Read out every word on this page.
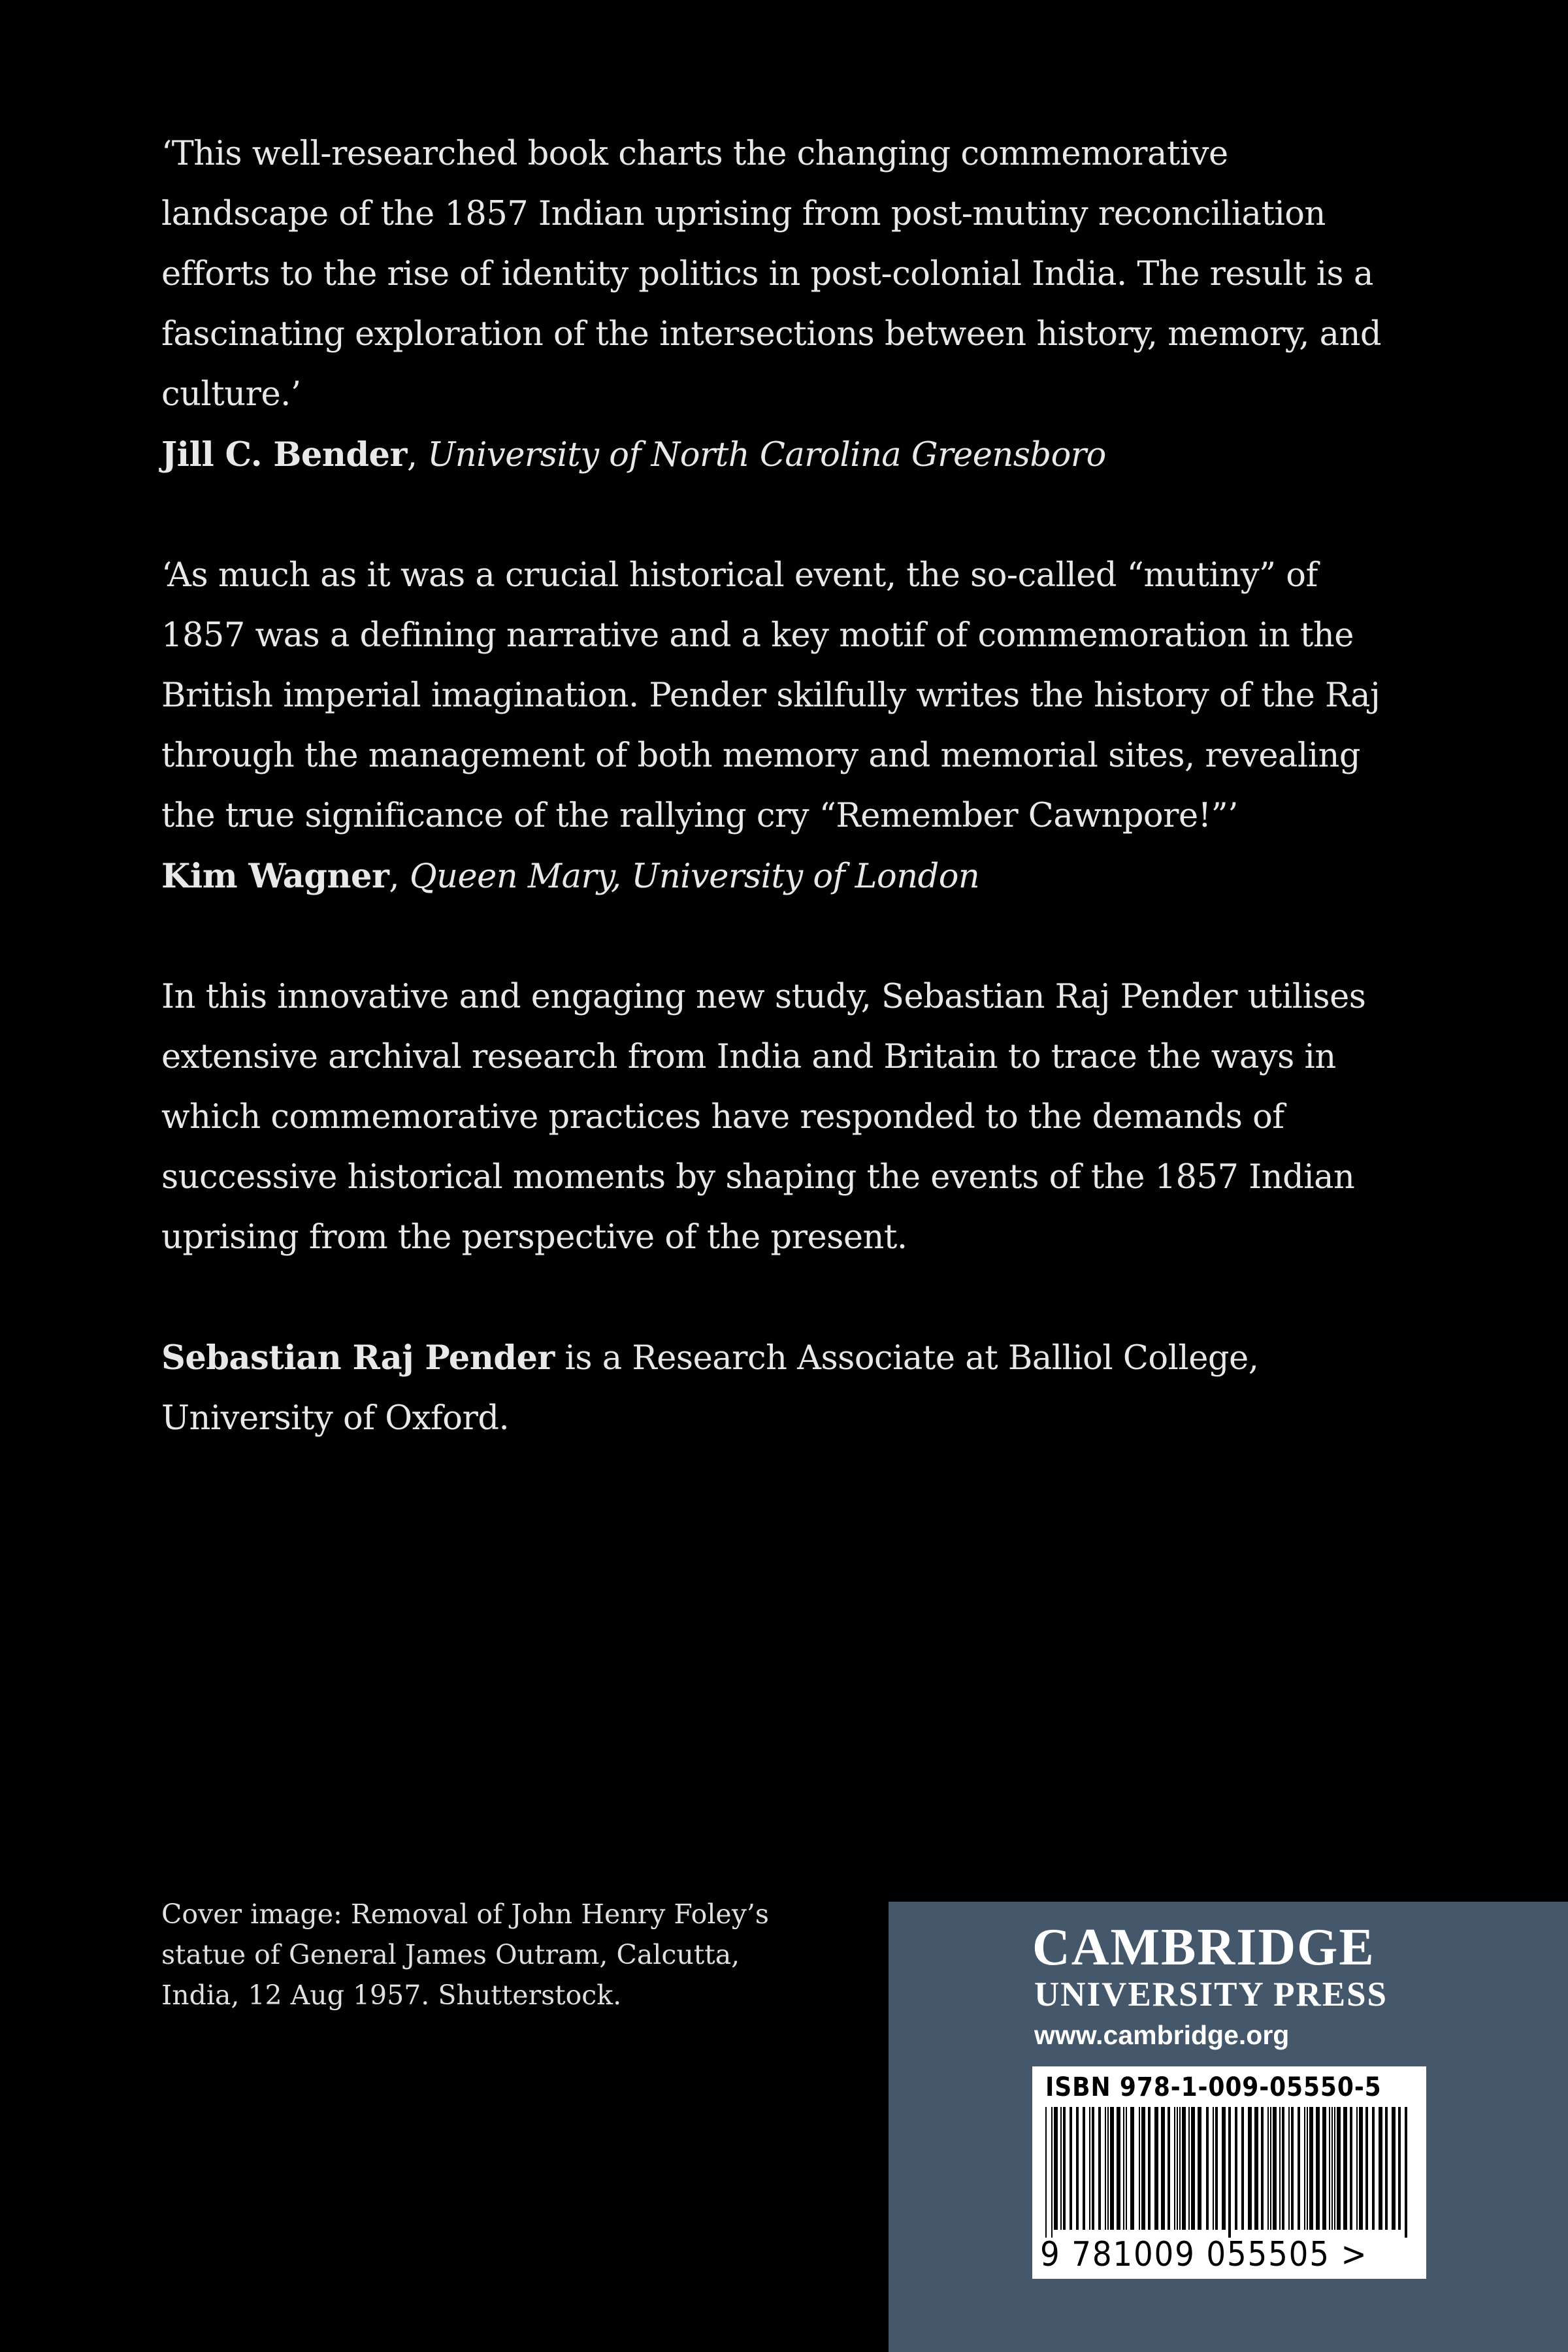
‘This well-researched book charts the changing commemorative landscape of the 1857 Indian uprising from post-mutiny reconciliation efforts to the rise of identity politics in post-colonial India. The result is a fascinating exploration of the intersections between history, memory, and culture.’
Jill C. Bender, University of North Carolina Greensboro

‘As much as it was a crucial historical event, the so-called “mutiny” of 1857 was a defining narrative and a key motif of commemoration in the British imperial imagination. Pender skilfully writes the history of the Raj through the management of both memory and memorial sites, revealing the true significance of the rallying cry “Remember Cawnpore!”’
Kim Wagner, Queen Mary, University of London

In this innovative and engaging new study, Sebastian Raj Pender utilises extensive archival research from India and Britain to trace the ways in which commemorative practices have responded to the demands of successive historical moments by shaping the events of the 1857 Indian uprising from the perspective of the present.

Sebastian Raj Pender is a Research Associate at Balliol College, University of Oxford.

Cover image: Removal of John Henry Foley’s statue of General James Outram, Calcutta, India, 12 Aug 1957. Shutterstock.
CAMBRIDGE
UNIVERSITY PRESS
www.cambridge.org
ISBN 978-1-009-05550-5
9 781009 055505 >
